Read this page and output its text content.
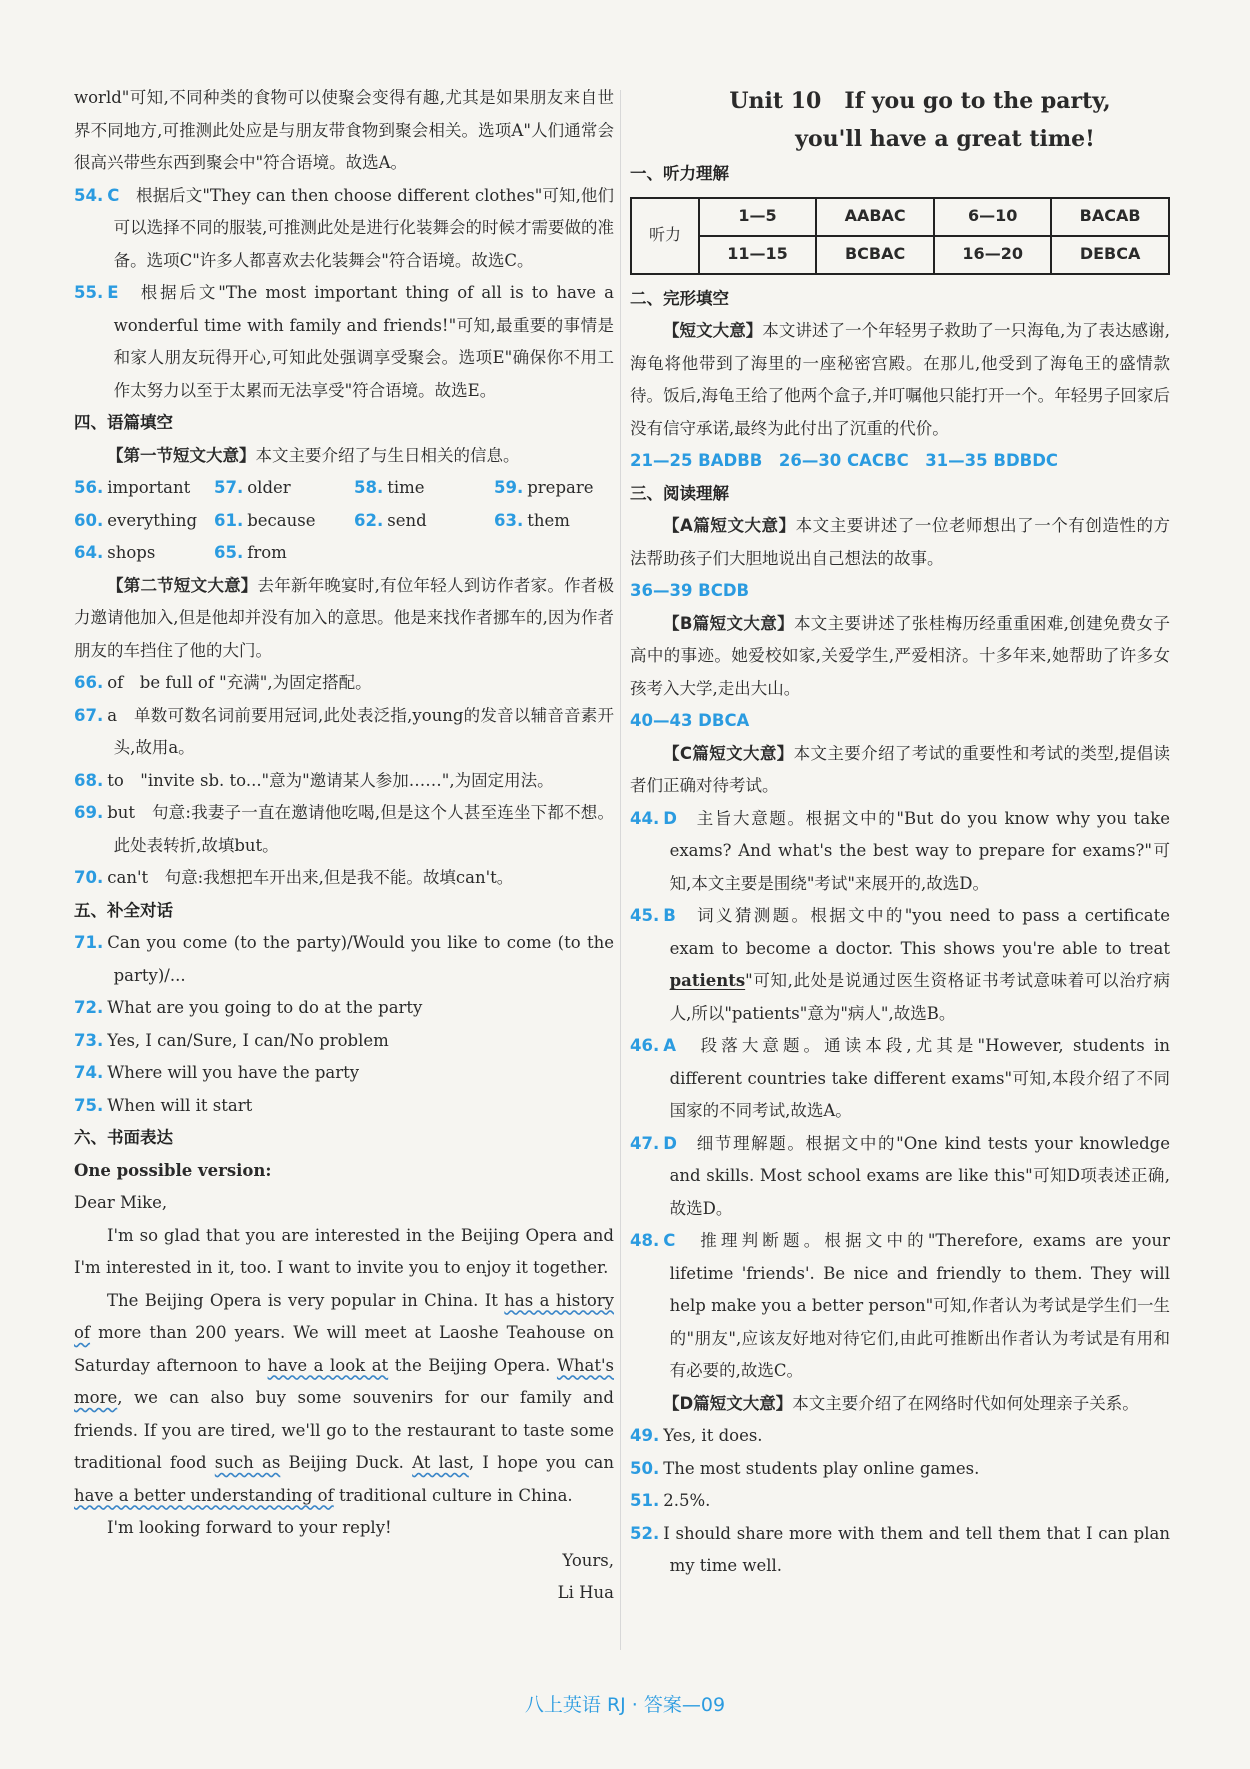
world"可知,不同种类的食物可以使聚会变得有趣,尤其是如果朋友来自世界不同地方,可推测此处应是与朋友带食物到聚会相关。选项A"人们通常会很高兴带些东西到聚会中"符合语境。故选A。

54. C　 根据后文"They can then choose different clothes"可知,他们可以选择不同的服装,可推测此处是进行化装舞会的时候才需要做的准备。选项C"许多人都喜欢去化装舞会"符合语境。故选C。

55. E　 根据后文"The most important thing of all is to have a wonderful time with family and friends!"可知,最重要的事情是和家人朋友玩得开心,可知此处强调享受聚会。选项E"确保你不用工作太努力以至于太累而无法享受"符合语境。故选E。

四、语篇填空

【第一节短文大意】本文主要介绍了与生日相关的信息。

56. important	57. older	58. time	59. prepare
60. everything	61. because	62. send	63. them
64. shops	65. from

【第二节短文大意】去年新年晚宴时,有位年轻人到访作者家。作者极力邀请他加入,但是他却并没有加入的意思。他是来找作者挪车的,因为作者朋友的车挡住了他的大门。

66. of　be full of "充满",为固定搭配。

67. a　单数可数名词前要用冠词,此处表泛指,young的发音以辅音音素开头,故用a。

68. to　"invite sb. to..."意为"邀请某人参加……",为固定用法。

69. but　句意:我妻子一直在邀请他吃喝,但是这个人甚至连坐下都不想。此处表转折,故填but。

70. can't　句意:我想把车开出来,但是我不能。故填can't。

五、补全对话

71. Can you come (to the party)/Would you like to come (to the party)/...

72. What are you going to do at the party

73. Yes, I can/Sure, I can/No problem

74. Where will you have the party

75. When will it start

六、书面表达

One possible version:

Dear Mike,

I'm so glad that you are interested in the Beijing Opera and I'm interested in it, too. I want to invite you to enjoy it together.

The Beijing Opera is very popular in China. It has a history of more than 200 years. We will meet at Laoshe Teahouse on Saturday afternoon to have a look at the Beijing Opera. What's more, we can also buy some souvenirs for our family and friends. If you are tired, we'll go to the restaurant to taste some traditional food such as Beijing Duck. At last, I hope you can have a better understanding of traditional culture in China.

I'm looking forward to your reply!

Yours,

Li Hua

Unit 10 If you go to the party,
you'll have a great time!

一、听力理解

听力	1—5	AABAC	6—10	BACAB
	11—15	BCBAC	16—20	DEBCA

二、完形填空

【短文大意】本文讲述了一个年轻男子救助了一只海龟,为了表达感谢,海龟将他带到了海里的一座秘密宫殿。在那儿,他受到了海龟王的盛情款待。饭后,海龟王给了他两个盒子,并叮嘱他只能打开一个。年轻男子回家后没有信守承诺,最终为此付出了沉重的代价。

21—25 BADBB　26—30 CACBC　31—35 BDBDC

三、阅读理解

【A篇短文大意】本文主要讲述了一位老师想出了一个有创造性的方法帮助孩子们大胆地说出自己想法的故事。

36—39 BCDB

【B篇短文大意】本文主要讲述了张桂梅历经重重困难,创建免费女子高中的事迹。她爱校如家,关爱学生,严爱相济。十多年来,她帮助了许多女孩考入大学,走出大山。

40—43 DBCA

【C篇短文大意】本文主要介绍了考试的重要性和考试的类型,提倡读者们正确对待考试。

44. D　 主旨大意题。根据文中的"But do you know why you take exams? And what's the best way to prepare for exams?"可知,本文主要是围绕"考试"来展开的,故选D。

45. B　 词义猜测题。根据文中的"you need to pass a certificate exam to become a doctor. This shows you're able to treat patients"可知,此处是说通过医生资格证书考试意味着可以治疗病人,所以"patients"意为"病人",故选B。

46. A　 段落大意题。通读本段,尤其是"However, students in different countries take different exams"可知,本段介绍了不同国家的不同考试,故选A。

47. D　 细节理解题。根据文中的"One kind tests your knowledge and skills. Most school exams are like this"可知D项表述正确,故选D。

48. C　 推理判断题。根据文中的"Therefore, exams are your lifetime 'friends'. Be nice and friendly to them. They will help make you a better person"可知,作者认为考试是学生们一生的"朋友",应该友好地对待它们,由此可推断出作者认为考试是有用和有必要的,故选C。

【D篇短文大意】本文主要介绍了在网络时代如何处理亲子关系。

49. Yes, it does.

50. The most students play online games.

51. 2.5%.

52. I should share more with them and tell them that I can plan my time well.

八上英语 RJ · 答案—09
